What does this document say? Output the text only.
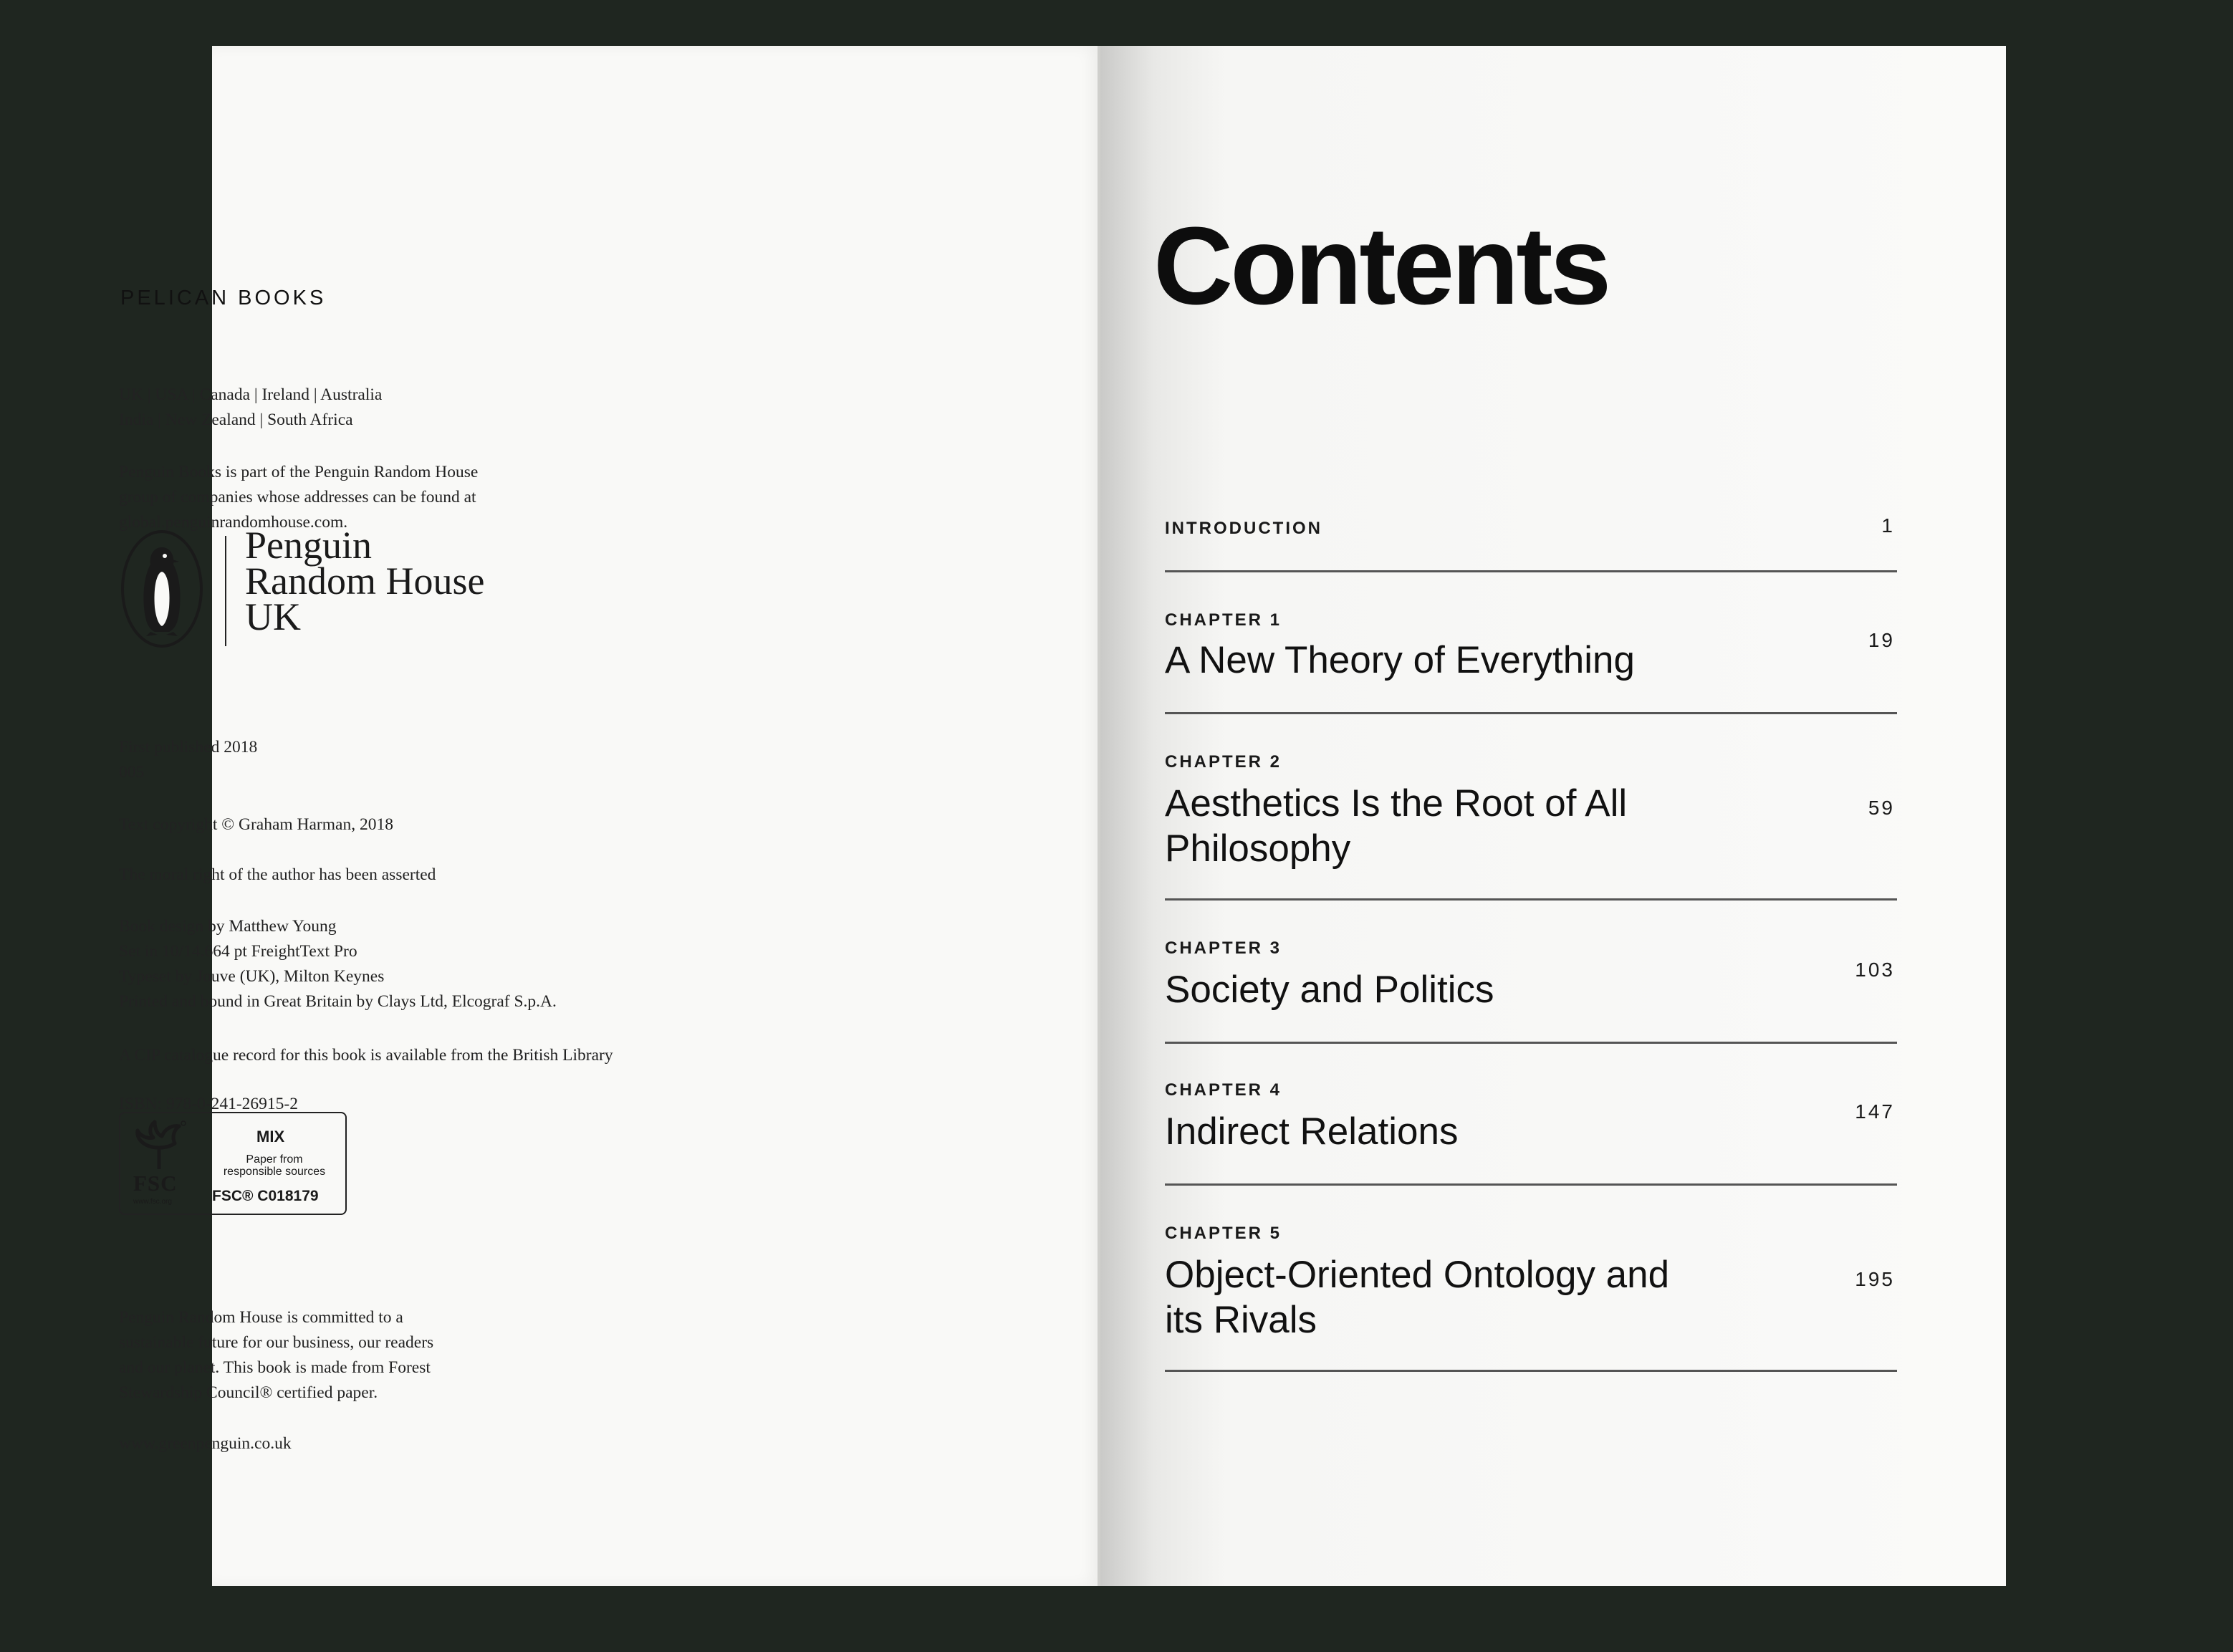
PELICAN BOOKS
UK | USA | Canada | Ireland | Australia
India | New Zealand | South Africa
Penguin Books is part of the Penguin Random House
group of companies whose addresses can be found at
global.penguinrandomhouse.com.
Penguin
Random House
UK
First published 2018
005
Text copyright © Graham Harman, 2018
The moral right of the author has been asserted
Book design by Matthew Young
Set in 10/14.664 pt FreightText Pro
Typeset by Jouve (UK), Milton Keynes
Printed and bound in Great Britain by Clays Ltd, Elcograf S.p.A.
A CIP catalogue record for this book is available from the British Library
ISBN: 978-0-241-26915-2
FSC
www.fsc.org
MIX
Paper from
responsible sources
FSC® C018179
Penguin Random House is committed to a
sustainable future for our business, our readers
and our planet. This book is made from Forest
Stewardship Council® certified paper.
www.greenpenguin.co.uk
Contents
INTRODUCTION	1
CHAPTER 1
A New Theory of Everything	19
CHAPTER 2
Aesthetics Is the Root of All
Philosophy
59
CHAPTER 3
Society and Politics	103
CHAPTER 4
Indirect Relations	147
CHAPTER 5
Object-Oriented Ontology and
its Rivals
195
